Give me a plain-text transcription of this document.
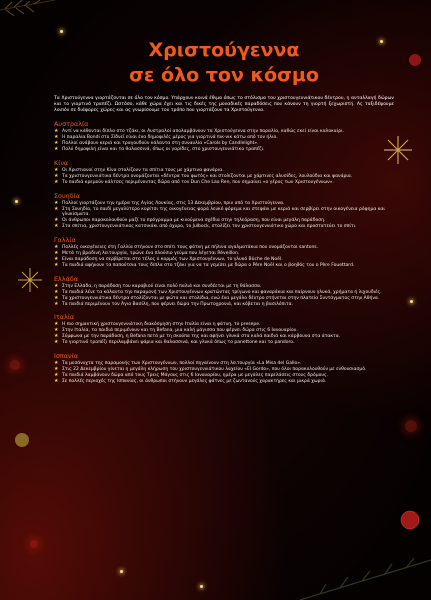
Χριστούγεννα
σε όλο τον κόσμο

Τα Χριστούγεννα γιορτάζονται σε όλο τον κόσμο. Υπάρχουν κοινά έθιμα όπως το στόλισμα του χριστουγεννιάτικου δέντρου, η ανταλλαγή δώρων και το γιορτινό τραπέζι. Ωστόσο, κάθε χώρα έχει και τις δικές της μοναδικές παραδόσεις που κάνουν τη γιορτή ξεχωριστή. Ας ταξιδέψουμε λοιπόν σε διάφορες χώρες και ας γνωρίσουμε τον τρόπο που γιορτάζουν τα Χριστούγεννα.

Αυστραλία
★ Αντί να κάθονται δίπλα στο τζάκι, οι Αυστραλοί απολαμβάνουν τα Χριστούγεννα στην παραλία, καθώς εκεί είναι καλοκαίρι.
★ Η παραλία Bondi στο Σίδνεϊ είναι ένα δημοφιλές μέρος για γιορτινά πικ-νικ κάτω από τον ήλιο.
★ Πολλοί ανάβουν κεριά και τραγουδούν κάλαντα στη συναυλία «Carols by Candlelight».
★ Πολύ δημοφιλή είναι και τα θαλασσινά, όπως οι γαρίδες, στο χριστουγεννιάτικο τραπέζι.
Κίνα
★ Οι Χριστιανοί στην Κίνα στολίζουν τα σπίτια τους με χάρτινα φανάρια.
★ Τα χριστουγεννιάτικα δέντρα ονομάζονται «δέντρα του φωτός» και στολίζονται με χάρτινες αλυσίδες, λουλούδια και φανάρια.
★ Το παιδιά κρεμούν κάλτσες περιμένοντας δώρα από τον Dun Che Lao Ren, που σημαίνει «ο γέρος των Χριστουγέννων».
Σουηδία
★ Πολλοί γιορτάζουν την ημέρα της Αγίας Λουκίας, στις 13 Δεκεμβρίου, πριν από τα Χριστούγεννα.
★ Στη Σουηδία, το παιδί μεγαλύτερο κορίτσι της οικογένειας φορά λευκό φόρεμα και στεφάνι με κεριά και σερβίρει στην οικογένεια ρόφημα και γλυκίσματα.
★ Οι άνθρωποι παρακολουθούν μαζί το πρόγραμμα με κινούμενα σχέδια στην τηλεόραση, που είναι μεγάλη παράδοση.
★ Στα σπίτια, χριστουγεννιάτικος κατσικάκι από άχυρο, το Julbock, στολίζει τον χριστουγεννιάτικο χώρο και προστατεύει το σπίτι.
Γαλλία
★ Πολλές οικογένειες στη Γαλλία στήνουν στο σπίτι τους φάτνη με πήλινα αγαλματάκια που ονομάζονται santons.
★ Μετά τη βραδινή λειτουργία, τρώνε ένα πλούσιο γεύμα που λέγεται Réveillon.
★ Είναι παράδοση να σερβίρεται στο τέλος ο κορμός των Χριστουγέννων, το γλυκό Bûche de Noël.
★ Τα παιδιά αφήνουν τα παπούτσια τους δίπλα στο τζάκι για να τα γεμίσει με δώρα ο Père Noël και ο βοηθός του ο Père Fouettard.
Ελλάδα
★ Στην Ελλάδα, η παράδοση του καραβιού είναι πολύ παλιά και συνδέεται με τη θάλασσα.
★ Τα παιδιά λένε τα κάλαντα την παραμονή των Χριστουγέννων κρατώντας τρίγωνο και φαναράκια και παίρνουν γλυκά, χρήματα ή λιχουδιές.
★ Τα χριστουγεννιάτικα δέντρα στολίζονται με φώτα και στολίδια, ενώ ένα μεγάλο δέντρο στήνεται στην πλατεία Συντάγματος στην Αθήνα.
★ Τα παιδιά περιμένουν τον Άγιο Βασίλη, που φέρνει δώρα την Πρωτοχρονιά, και κόβεται η βασιλόπιτα.
Ιταλία
★ Η πιο σημαντική χριστουγεννιάτικη διακόσμηση στην Ιταλία είναι η φάτνη, το presepe.
★ Στην Ιταλία, τα παιδιά περιμένουν και τη Befana, μια καλή μάγισσα που φέρνει δώρα στις 6 Ιανουαρίου.
★ Σύμφωνα με την παράδοση, η Befana πετά με τη σκούπα της και αφήνει γλυκά στα καλά παιδιά και κάρβουνα στα άτακτα.
★ Το γιορτινό τραπέζι περιλαμβάνει ψάρια και θαλασσινά, και γλυκά όπως το panettone και το pandoro.
Ισπανία
★ Τα μεσάνυχτα της παραμονής των Χριστουγέννων, πολλοί πηγαίνουν στη λειτουργία «La Misa del Gallo».
★ Στις 22 Δεκεμβρίου γίνεται η μεγάλη κλήρωση του χριστουγεννιάτικου λαχείου «El Gordo», που όλοι παρακολουθούν με ενθουσιασμό.
★ Τα παιδιά λαμβάνουν δώρα από τους Τρεις Μάγους στις 6 Ιανουαρίου, ημέρα με μεγάλες παρελάσεις στους δρόμους.
★ Σε πολλές περιοχές της Ισπανίας, οι άνθρωποι στήνουν μεγάλες φάτνες με ζωντανούς χαρακτήρες και μικρά χωριά.
